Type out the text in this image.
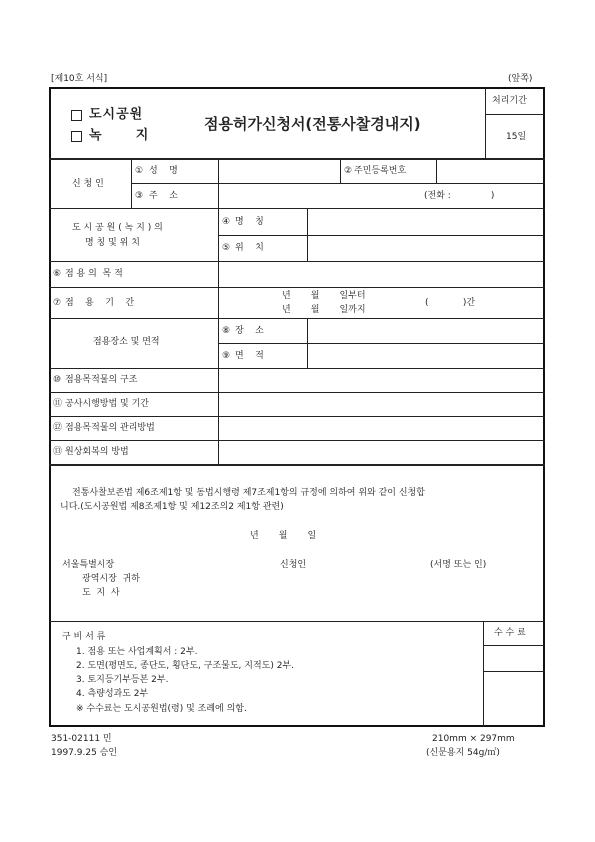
[제10호 서식]	(앞쪽)
도시공원
녹      지
점용허가신청서(전통사찰경내지)
처리기간
15일
신 청 인
① 성    명	② 주민등록번호
③ 주    소	(전화 :              )
도 시 공 원 ( 녹 지 ) 의
명 칭 및 위 치
④ 명    칭
⑤ 위    치
⑥ 점 용 의  목 적
⑦ 점    용    기    간
년       월       일부터
년       월       일까지
(            )간
점용장소 및 면적
⑧ 장    소
⑨ 면    적
⑩ 점용목적물의 구조
⑪ 공사시행방법 및 기간
⑫ 점용목적물의 관리방법
⑬ 원상회복의 방법
전통사찰보존법 제6조제1항 및 동법시행령 제7조제1항의 규정에 의하여 위와 같이 신청합
니다.(도시공원법 제8조제1항 및 제12조의2 제1항 관련)
년       월       일
서울특별시장
광역시장  귀하
도  지  사
신청인	(서명 또는 인)
구 비 서 류
1. 점용 또는 사업계획서 : 2부.
2. 도면(평면도, 종단도, 횡단도, 구조물도, 지적도) 2부.
3. 토지등기부등본 2부.
4. 측량성과도 2부
※ 수수료는 도시공원법(령) 및 조례에 의함.
수 수 료
351-02111 민
1997.9.25 승인
210mm × 297mm
(신문용지 54g/㎡)
